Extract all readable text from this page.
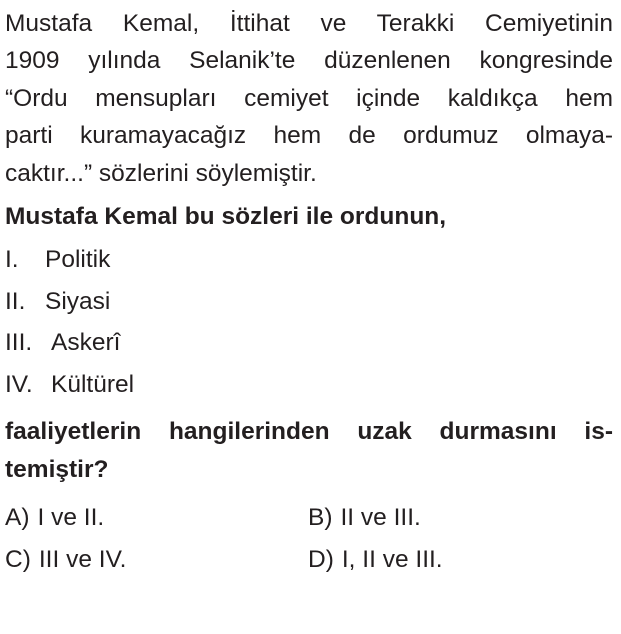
Mustafa Kemal, İttihat ve Terakki Cemiyetinin
1909 yılında Selanik’te düzenlenen kongresinde
“Ordu mensupları cemiyet içinde kaldıkça hem
parti kuramayacağız hem de ordumuz olmaya-
caktır...” sözlerini söylemiştir.

Mustafa Kemal bu sözleri ile ordunun,

I.	Politik
II. Siyasi
III. Askerî
IV. Kültürel

faaliyetlerin hangilerinden uzak durmasını is-
temiştir?

A) I ve II.	B) II ve III.
C) III ve IV.	D) I, II ve III.
